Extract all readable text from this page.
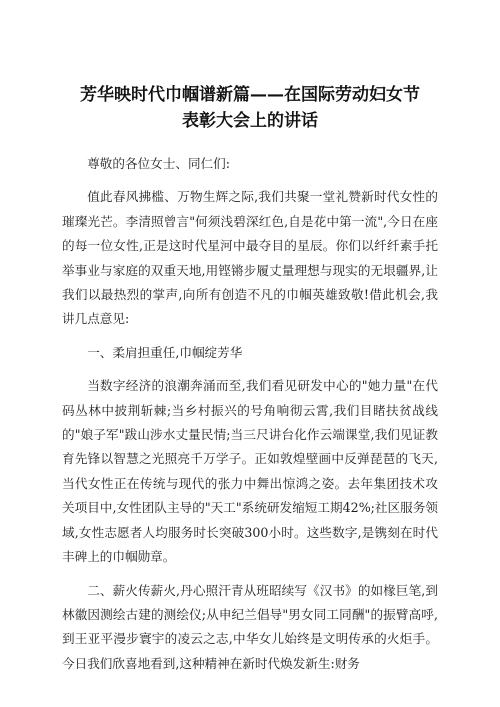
芳华映时代巾帼谱新篇——在国际劳动妇女节
表彰大会上的讲话

尊敬的各位女士、同仁们:

值此春风拂槛、万物生辉之际,我们共聚一堂礼赞新时代女性的璀璨光芒。李清照曾言"何须浅碧深红色,自是花中第一流",今日在座的每一位女性,正是这时代星河中最夺目的星辰。你们以纤纤素手托举事业与家庭的双重天地,用铿锵步履丈量理想与现实的无垠疆界,让我们以最热烈的掌声,向所有创造不凡的巾帼英雄致敬!借此机会,我讲几点意见:

一、柔肩担重任,巾帼绽芳华

当数字经济的浪潮奔涌而至,我们看见研发中心的"她力量"在代码丛林中披荆斩棘;当乡村振兴的号角响彻云霄,我们目睹扶贫战线的"娘子军"跋山涉水丈量民情;当三尺讲台化作云端课堂,我们见证教育先锋以智慧之光照亮千万学子。正如敦煌壁画中反弹琵琶的飞天,当代女性正在传统与现代的张力中舞出惊鸿之姿。去年集团技术攻关项目中,女性团队主导的"天工"系统研发缩短工期42%;社区服务领域,女性志愿者人均服务时长突破300小时。这些数字,是镌刻在时代丰碑上的巾帼勋章。

二、薪火传薪火,丹心照汗青从班昭续写《汉书》的如椽巨笔,到林徽因测绘古建的测绘仪;从申纪兰倡导"男女同工同酬"的振臂高呼,到王亚平漫步寰宇的凌云之志,中华女儿始终是文明传承的火炬手。今日我们欣喜地看到,这种精神在新时代焕发新生:财务
